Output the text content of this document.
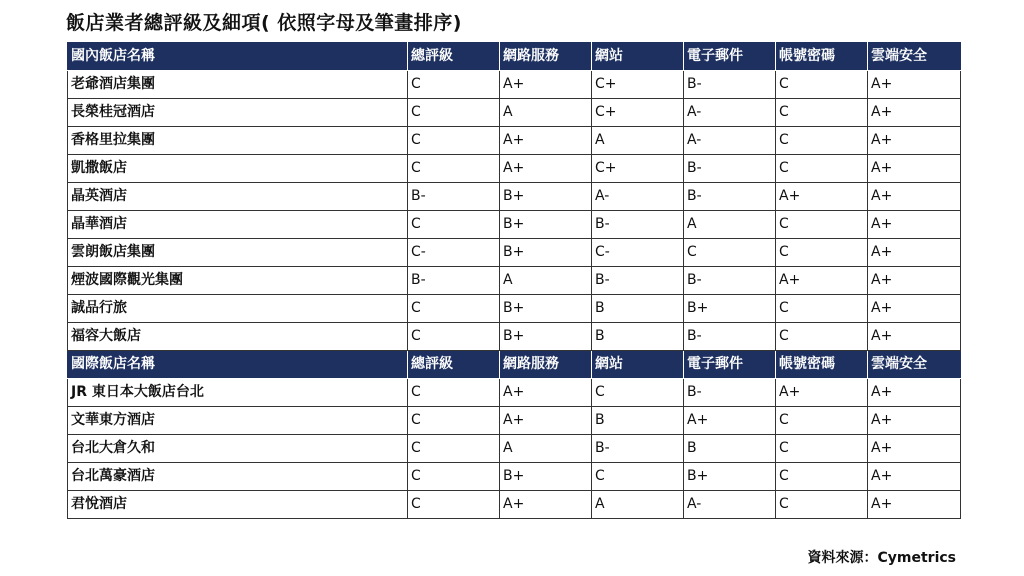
飯店業者總評級及細項( 依照字母及筆畫排序)
國內飯店名稱	總評級	網路服務	網站	電子郵件	帳號密碼	雲端安全
老爺酒店集團	C	A+	C+	B-	C	A+
長榮桂冠酒店	C	A	C+	A-	C	A+
香格里拉集團	C	A+	A	A-	C	A+
凱撒飯店	C	A+	C+	B-	C	A+
晶英酒店	B-	B+	A-	B-	A+	A+
晶華酒店	C	B+	B-	A	C	A+
雲朗飯店集團	C-	B+	C-	C	C	A+
煙波國際觀光集團	B-	A	B-	B-	A+	A+
誠品行旅	C	B+	B	B+	C	A+
福容大飯店	C	B+	B	B-	C	A+
國際飯店名稱	總評級	網路服務	網站	電子郵件	帳號密碼	雲端安全
JR 東日本大飯店台北	C	A+	C	B-	A+	A+
文華東方酒店	C	A+	B	A+	C	A+
台北大倉久和	C	A	B-	B	C	A+
台北萬豪酒店	C	B+	C	B+	C	A+
君悅酒店	C	A+	A	A-	C	A+
資料來源：Cymetrics
